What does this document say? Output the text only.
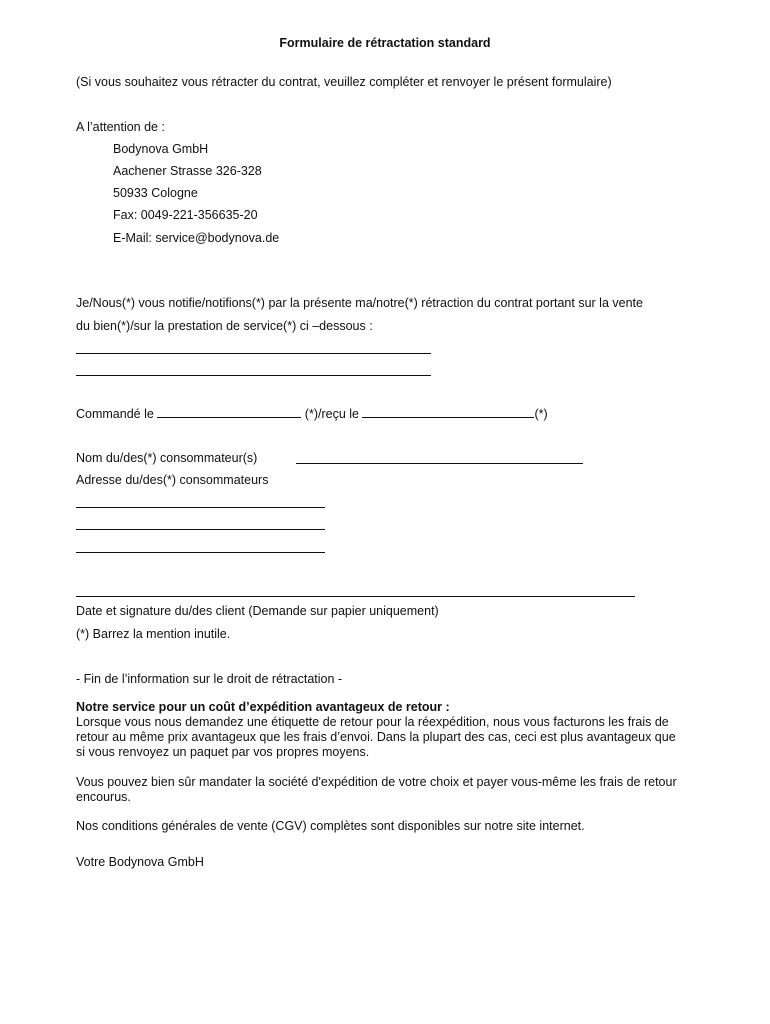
Formulaire de rétractation standard
(Si vous souhaitez vous rétracter du contrat, veuillez compléter et renvoyer le présent formulaire)
A l’attention de :
Bodynova GmbH
Aachener Strasse 326-328
50933 Cologne
Fax: 0049-221-356635-20
E-Mail: service@bodynova.de
Je/Nous(*) vous notifie/notifions(*) par la présente ma/notre(*) rétraction du contrat portant sur la vente
du bien(*)/sur la prestation de service(*) ci –dessous :
Commandé le	(*)/reçu le	(*)
Nom du/des(*) consommateur(s)
Adresse du/des(*) consommateurs
Date et signature du/des client (Demande sur papier uniquement)
(*) Barrez la mention inutile.
- Fin de l’information sur le droit de rétractation -
Notre service pour un coût d’expédition avantageux de retour :
Lorsque vous nous demandez une étiquette de retour pour la réexpédition, nous vous facturons les frais de retour au même prix avantageux que les frais d’envoi. Dans la plupart des cas, ceci est plus avantageux que si vous renvoyez un paquet par vos propres moyens.
Vous pouvez bien sûr mandater la société d'expédition de votre choix et payer vous-même les frais de retour encourus.
Nos conditions générales de vente (CGV) complètes sont disponibles sur notre site internet.
Votre Bodynova GmbH
